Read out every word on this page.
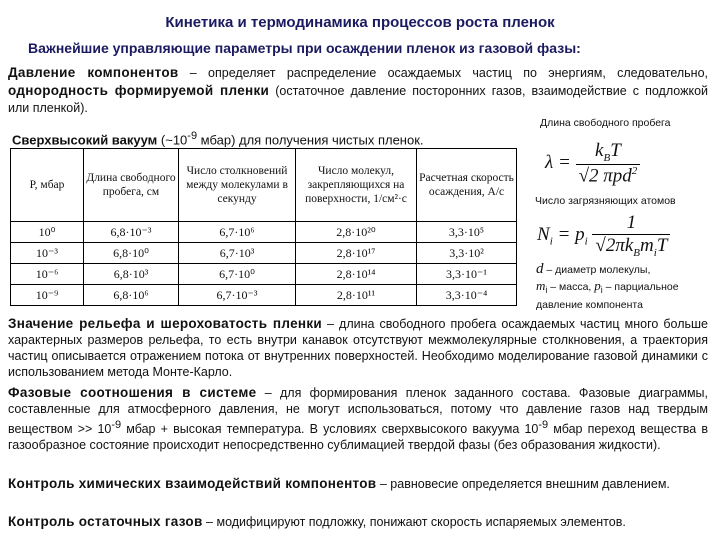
Кинетика и термодинамика процессов роста пленок
Важнейшие управляющие параметры при осаждении пленок из газовой фазы:
Давление компонентов – определяет распределение осаждаемых частиц по энергиям, следовательно, однородность формируемой пленки (остаточное давление посторонних газов, взаимодействие с подложкой или пленкой).
Сверхвысокий вакуум ($\sim 10^{-9}$ мбар) для получения чистых пленок.
Длина свободного пробега
$\lambda = \frac{k_BT}{√2 \pi pd^2}$
Число загрязняющих атомов
$N_i = p_i \frac{1}{√2\pi k_Bm_iT}$
d – диаметр молекулы,
$m_i$ – масса, $p_i$ – парциальное давление компонента
P, мбар	Длина свободного пробега, см	Число столкновений между молекулами в секунду	Число молекул, закрепляющихся на поверхности, 1/см²·с	Расчетная скорость осаждения, А/с
10⁰	6,8·10⁻³	6,7·10⁶	2,8·10²⁰	3,3·10⁵
10⁻³	6,8·10⁰	6,7·10³	2,8·10¹⁷	3,3·10²
10⁻⁶	6,8·10³	6,7·10⁰	2,8·10¹⁴	3,3·10⁻¹
10⁻⁹	6,8·10⁶	6,7·10⁻³	2,8·10¹¹	3,3·10⁻⁴
Значение рельефа и шероховатость пленки – длина свободного пробега осаждаемых частиц много больше характерных размеров рельефа, то есть внутри канавок отсутствуют межмолекулярные столкновения, а траектория частиц описывается отражением потока от внутренних поверхностей. Необходимо моделирование газовой динамики с использованием метода Монте-Карло.
Фазовые соотношения в системе – для формирования пленок заданного состава. Фазовые диаграммы, составленные для атмосферного давления, не могут использоваться, потому что давление газов над твердым веществом >> $10^{-9}$ мбар + высокая температура. В условиях сверхвысокого вакуума $10^{-9}$ мбар переход вещества в газообразное состояние происходит непосредственно сублимацией твердой фазы (без образования жидкости).
Контроль химических взаимодействий компонентов – равновесие определяется внешним давлением.
Контроль остаточных газов – модифицируют подложку, понижают скорость испаряемых элементов.
